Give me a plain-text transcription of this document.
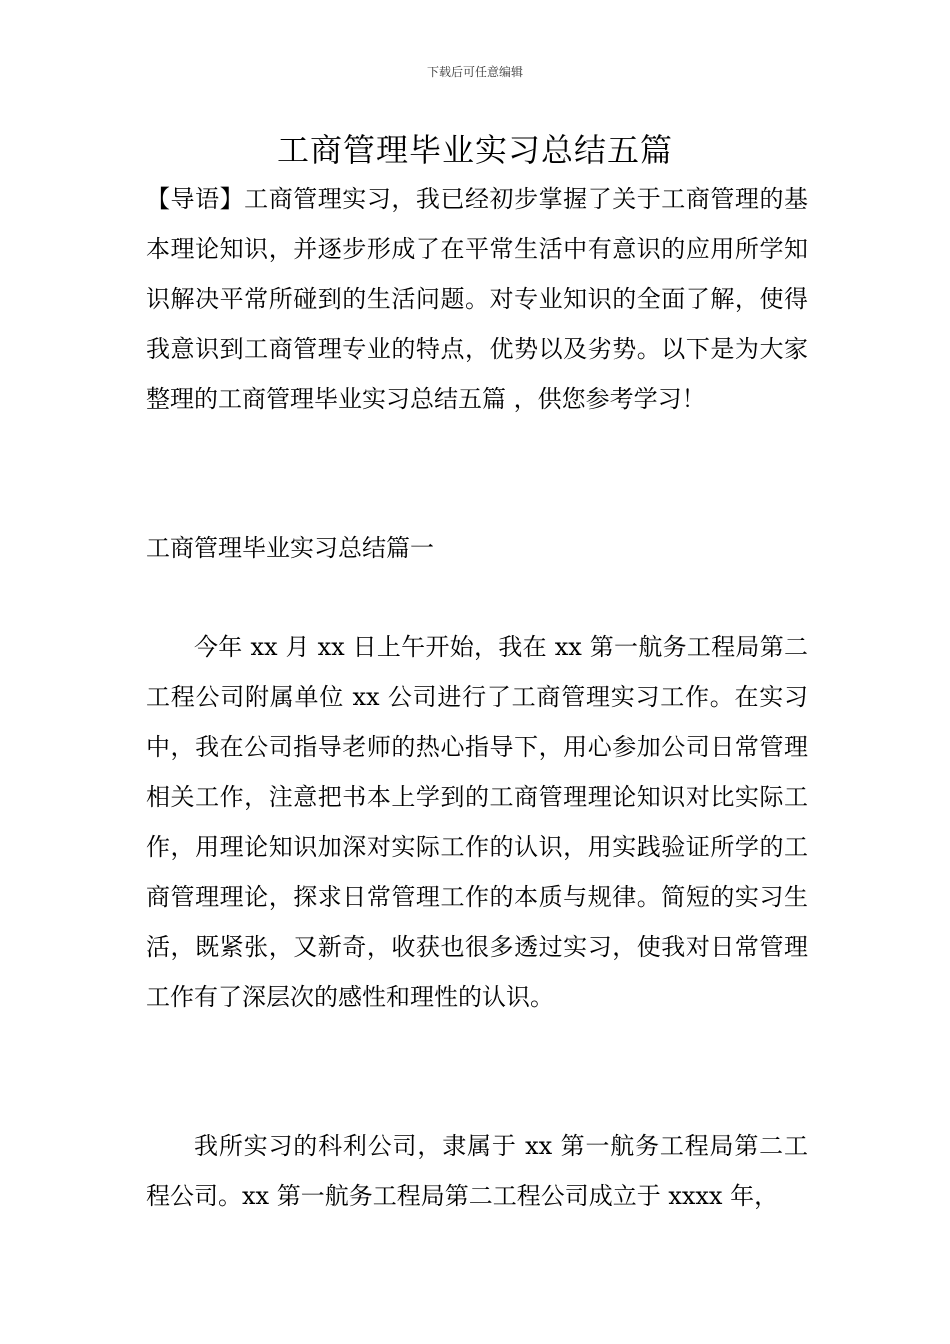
下载后可任意编辑
工商管理毕业实习总结五篇

【导语】工商管理实习，我已经初步掌握了关于工商管理的基本理论知识，并逐步形成了在平常生活中有意识的应用所学知识解决平常所碰到的生活问题。对专业知识的全面了解，使得我意识到工商管理专业的特点，优势以及劣势。以下是为大家整理的工商管理毕业实习总结五篇 ，供您参考学习！

工商管理毕业实习总结篇一

今年 xx 月 xx 日上午开始，我在 xx 第一航务工程局第二工程公司附属单位 xx 公司进行了工商管理实习工作。在实习中，我在公司指导老师的热心指导下，用心参加公司日常管理相关工作，注意把书本上学到的工商管理理论知识对比实际工作，用理论知识加深对实际工作的认识，用实践验证所学的工商管理理论，探求日常管理工作的本质与规律。简短的实习生活，既紧张，又新奇，收获也很多透过实习，使我对日常管理工作有了深层次的感性和理性的认识。

我所实习的科利公司，隶属于 xx 第一航务工程局第二工程公司。xx 第一航务工程局第二工程公司成立于 xxxx 年，
